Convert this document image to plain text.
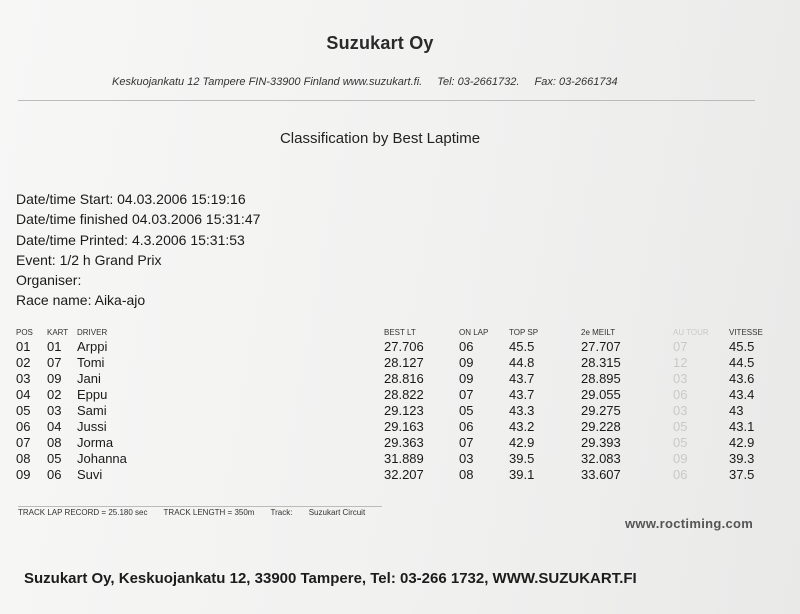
Suzukart Oy
Keskuojankatu 12 Tampere FIN-33900 Finland www.suzukart.fi. Tel: 03-2661732. Fax: 03-2661734
Classification by Best Laptime
Date/time Start: 04.03.2006 15:19:16
Date/time finished 04.03.2006 15:31:47
Date/time Printed: 4.3.2006 15:31:53
Event: 1/2 h Grand Prix
Organiser:
Race name: Aika-ajo
POS	KART	DRIVER	BEST LT	ON LAP	TOP SP	2e MEILT	AU TOUR	VITESSE
01	01	Arppi	27.706	06	45.5	27.707	07	45.5
02	07	Tomi	28.127	09	44.8	28.315	12	44.5
03	09	Jani	28.816	09	43.7	28.895	03	43.6
04	02	Eppu	28.822	07	43.7	29.055	06	43.4
05	03	Sami	29.123	05	43.3	29.275	03	43
06	04	Jussi	29.163	06	43.2	29.228	05	43.1
07	08	Jorma	29.363	07	42.9	29.393	05	42.9
08	05	Johanna	31.889	03	39.5	32.083	09	39.3
09	06	Suvi	32.207	08	39.1	33.607	06	37.5
TRACK LAP RECORD = 25.180 sec TRACK LENGTH = 350m Track: Suzukart Circuit
www.roctiming.com
Suzukart Oy, Keskuojankatu 12, 33900 Tampere, Tel: 03-266 1732, WWW.SUZUKART.FI
